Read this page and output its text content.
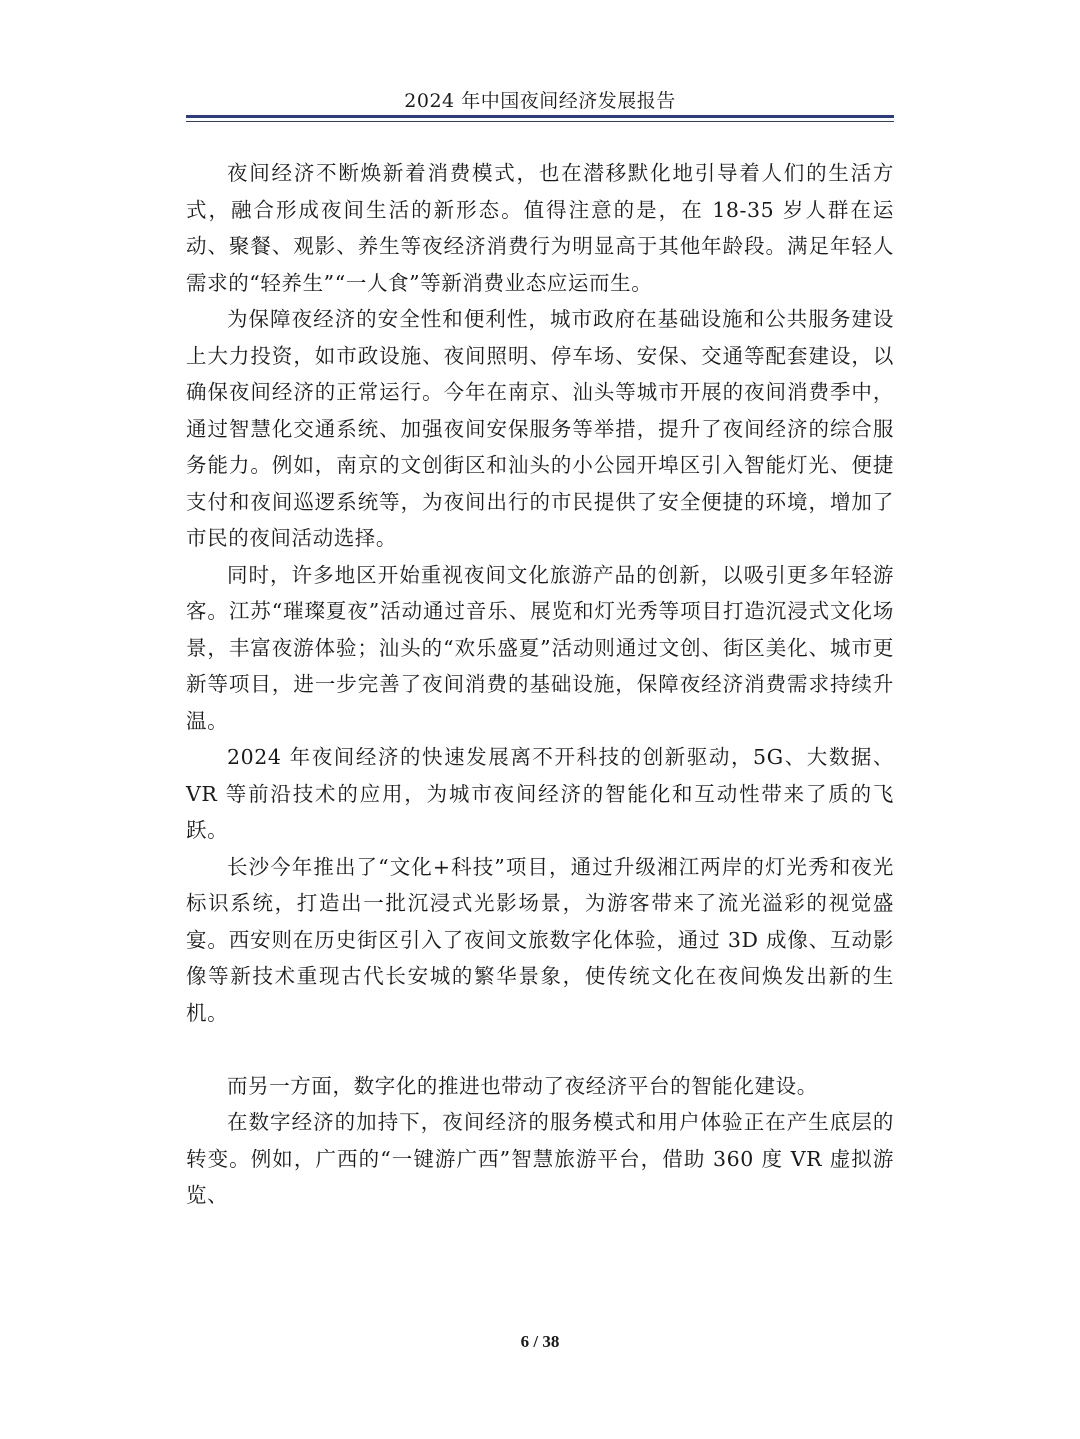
2024 年中国夜间经济发展报告

夜间经济不断焕新着消费模式，也在潜移默化地引导着人们的生活方式，融合形成夜间生活的新形态。值得注意的是，在 18-35 岁人群在运动、聚餐、观影、养生等夜经济消费行为明显高于其他年龄段。满足年轻人需求的“轻养生”“一人食”等新消费业态应运而生。

为保障夜经济的安全性和便利性，城市政府在基础设施和公共服务建设上大力投资，如市政设施、夜间照明、停车场、安保、交通等配套建设，以确保夜间经济的正常运行。今年在南京、汕头等城市开展的夜间消费季中，通过智慧化交通系统、加强夜间安保服务等举措，提升了夜间经济的综合服务能力。例如，南京的文创街区和汕头的小公园开埠区引入智能灯光、便捷支付和夜间巡逻系统等，为夜间出行的市民提供了安全便捷的环境，增加了市民的夜间活动选择。

同时，许多地区开始重视夜间文化旅游产品的创新，以吸引更多年轻游客。江苏“璀璨夏夜”活动通过音乐、展览和灯光秀等项目打造沉浸式文化场景，丰富夜游体验；汕头的“欢乐盛夏”活动则通过文创、街区美化、城市更新等项目，进一步完善了夜间消费的基础设施，保障夜经济消费需求持续升温。

2024 年夜间经济的快速发展离不开科技的创新驱动，5G、大数据、VR 等前沿技术的应用，为城市夜间经济的智能化和互动性带来了质的飞跃。

长沙今年推出了“文化+科技”项目，通过升级湘江两岸的灯光秀和夜光标识系统，打造出一批沉浸式光影场景，为游客带来了流光溢彩的视觉盛宴。西安则在历史街区引入了夜间文旅数字化体验，通过 3D 成像、互动影像等新技术重现古代长安城的繁华景象，使传统文化在夜间焕发出新的生机。

而另一方面，数字化的推进也带动了夜经济平台的智能化建设。

在数字经济的加持下，夜间经济的服务模式和用户体验正在产生底层的转变。例如，广西的“一键游广西”智慧旅游平台，借助 360 度 VR 虚拟游览、

6 / 38
